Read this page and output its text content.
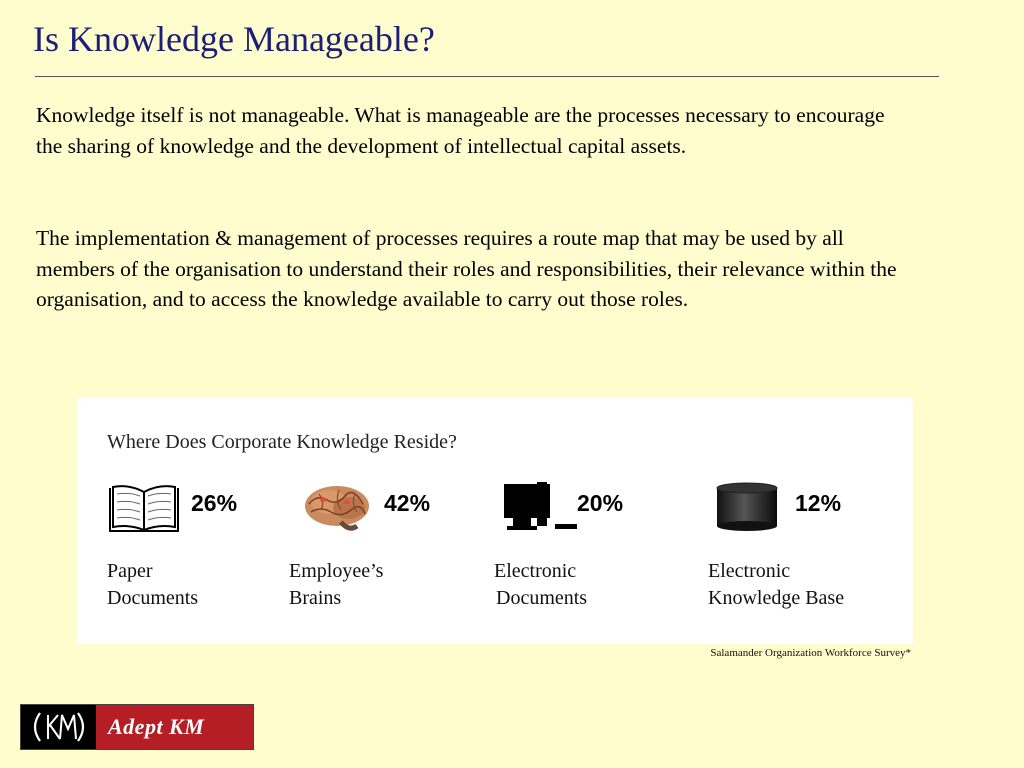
Is Knowledge Manageable?

Knowledge itself is not manageable. What is manageable are the processes necessary to encourage the sharing of knowledge and the development of intellectual capital assets.

The implementation & management of processes requires a route map that may be used by all members of the organisation to understand their roles and responsibilities, their relevance within the organisation, and to access the knowledge available to carry out those roles.

Where Does Corporate Knowledge Reside?
26%
Paper
Documents
42%
Employee’s
Brains
20%
Electronic
Documents
12%
Electronic
Knowledge Base
Salamander Organization Workforce Survey*
Adept KM
